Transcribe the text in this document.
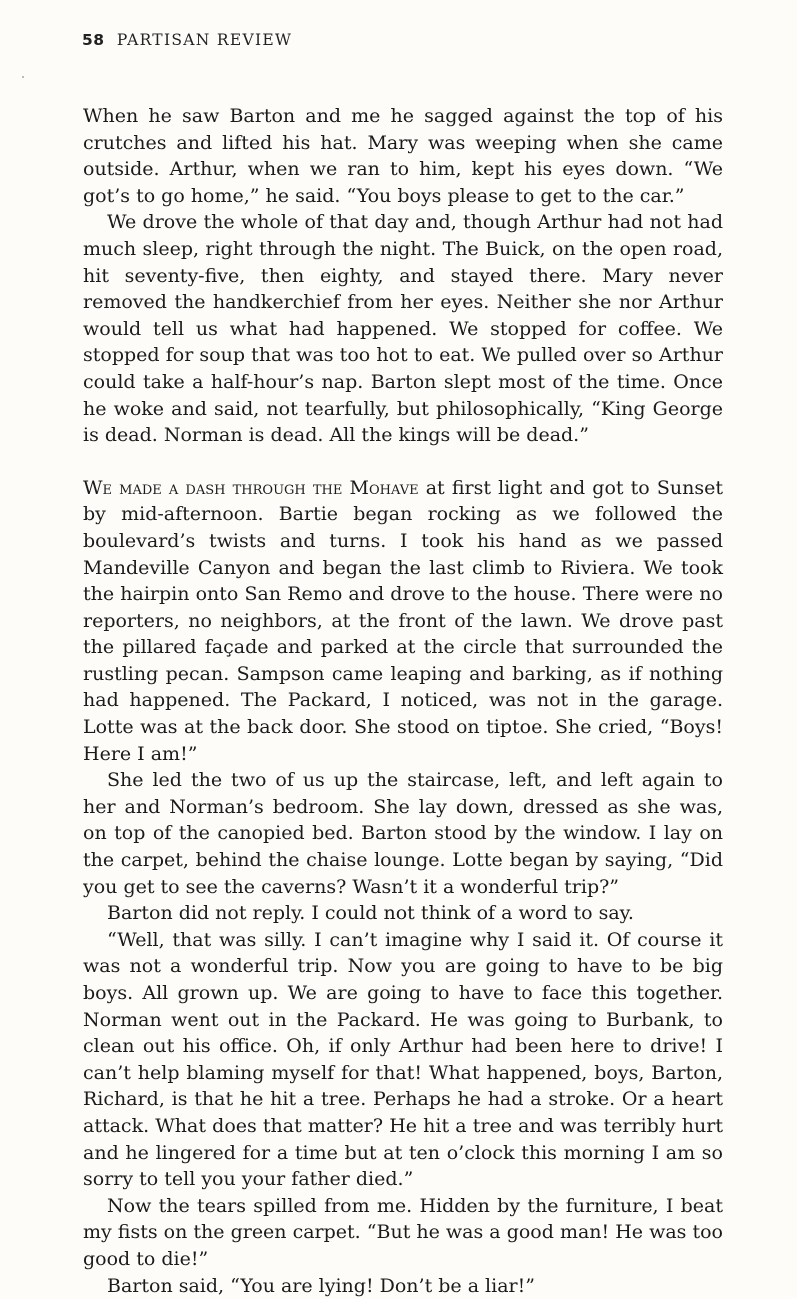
58 PARTISAN REVIEW

When he saw Barton and me he sagged against the top of his crutches and lifted his hat. Mary was weeping when she came outside. Arthur, when we ran to him, kept his eyes down. “We got’s to go home,” he said. “You boys please to get to the car.”

We drove the whole of that day and, though Arthur had not had much sleep, right through the night. The Buick, on the open road, hit seventy-five, then eighty, and stayed there. Mary never removed the handkerchief from her eyes. Neither she nor Arthur would tell us what had happened. We stopped for coffee. We stopped for soup that was too hot to eat. We pulled over so Arthur could take a half-hour’s nap. Barton slept most of the time. Once he woke and said, not tearfully, but philosophically, “King George is dead. Norman is dead. All the kings will be dead.”

We made a dash through the Mohave at first light and got to Sunset by mid-afternoon. Bartie began rocking as we followed the boulevard’s twists and turns. I took his hand as we passed Mandeville Canyon and began the last climb to Riviera. We took the hairpin onto San Remo and drove to the house. There were no reporters, no neighbors, at the front of the lawn. We drove past the pillared façade and parked at the circle that surrounded the rustling pecan. Sampson came leaping and barking, as if nothing had happened. The Packard, I noticed, was not in the garage. Lotte was at the back door. She stood on tiptoe. She cried, “Boys! Here I am!”

She led the two of us up the staircase, left, and left again to her and Norman’s bedroom. She lay down, dressed as she was, on top of the canopied bed. Barton stood by the window. I lay on the carpet, behind the chaise lounge. Lotte began by saying, “Did you get to see the caverns? Wasn’t it a wonderful trip?”

Barton did not reply. I could not think of a word to say.

“Well, that was silly. I can’t imagine why I said it. Of course it was not a wonderful trip. Now you are going to have to be big boys. All grown up. We are going to have to face this together. Norman went out in the Packard. He was going to Burbank, to clean out his office. Oh, if only Arthur had been here to drive! I can’t help blaming myself for that! What happened, boys, Barton, Richard, is that he hit a tree. Perhaps he had a stroke. Or a heart attack. What does that matter? He hit a tree and was terribly hurt and he lingered for a time but at ten o’clock this morning I am so sorry to tell you your father died.”

Now the tears spilled from me. Hidden by the furniture, I beat my fists on the green carpet. “But he was a good man! He was too good to die!”

Barton said, “You are lying! Don’t be a liar!”
